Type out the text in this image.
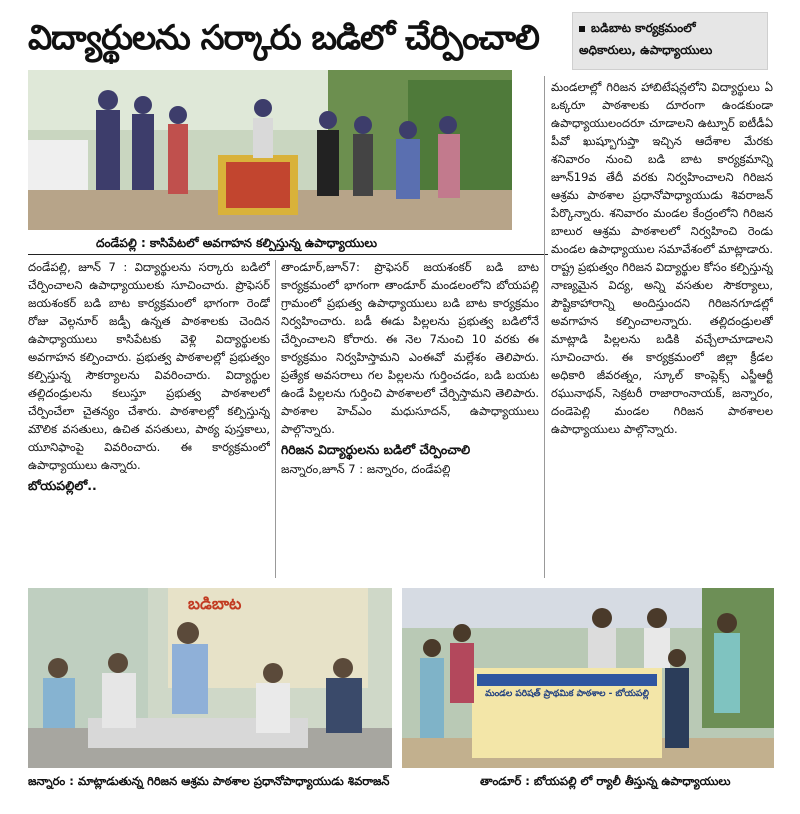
విద్యార్థులను సర్కారు బడిలో చేర్పించాలి	బడిబాట కార్యక్రమంలో
అధికారులు, ఉపాధ్యాయులు
దండేపల్లి : కాసిపేటలో అవగాహన కల్పిస్తున్న ఉపాధ్యాయులు

దండేపల్లి, జూన్ 7 : విద్యార్థులను సర్కారు బడిలో చేర్పించాలని ఉపాధ్యాయులకు సూచించారు. ప్రొఫెసర్ జయశంకర్ బడి బాట కార్యక్రమంలో భాగంగా రెండో రోజు వెల్గనూర్ జడ్పీ ఉన్నత పాఠశాలకు చెందిన ఉపాధ్యాయులు కాసిపేటకు వెళ్లి విద్యార్థులకు అవగాహన కల్పించారు. ప్రభుత్వ పాఠశాలల్లో ప్రభుత్వం కల్పిస్తున్న సౌకర్యాలను వివరించారు. విద్యార్థుల తల్లిదండ్రులను కలుస్తూ ప్రభుత్వ పాఠశాలలో చేర్పించేలా చైతన్యం చేశారు. పాఠశాలల్లో కల్పిస్తున్న మౌలిక వసతులు, ఉచిత వసతులు, పాఠ్య పుస్తకాలు, యూనిఫాంపై వివరించారు. ఈ కార్యక్రమంలో ఉపాధ్యాయులు ఉన్నారు.

బోయపల్లిలో..

తాండూర్,జూన్7: ప్రొఫెసర్ జయశంకర్ బడి బాట కార్యక్రమంలో భాగంగా తాండూర్ మండలంలోని బోయపల్లి గ్రామంలో ప్రభుత్వ ఉపాధ్యాయులు బడి బాట కార్యక్రమం నిర్వహించారు. బడీ ఈడు పిల్లలను ప్రభుత్వ బడిలోనే చేర్పించాలని కోరారు. ఈ నెల 7నుంచి 10 వరకు ఈ కార్యక్రమం నిర్వహిస్తామని ఎంఈవో మల్లేశం తెలిపారు. ప్రత్యేక అవసరాలు గల పిల్లలను గుర్తించడం, బడి బయట ఉండే పిల్లలను గుర్తించి పాఠశాలలో చేర్పిస్తామని తెలిపారు. పాఠశాల హెచ్ఎం మధుసూదన్, ఉపాధ్యాయులు పాల్గొన్నారు.

గిరిజన విద్యార్థులను బడిలో చేర్పించాలి

జన్నారం,జూన్ 7 : జన్నారం, దండేపల్లి

మండలాల్లో గిరిజన హాబిటేషన్లలోని విద్యార్థులు ఏ ఒక్కరూ పాఠశాలకు దూరంగా ఉండకుండా ఉపాధ్యాయులందరూ చూడాలని ఉట్నూర్ ఐటీడీఏ పీవో ఖుష్బూగుప్తా ఇచ్చిన ఆదేశాల మేరకు శనివారం నుంచి బడి బాట కార్యక్రమాన్ని జూన్19వ తేదీ వరకు నిర్వహించాలని గిరిజన ఆశ్రమ పాఠశాల ప్రధానోపాధ్యాయుడు శివరాజన్ పేర్కొన్నారు. శనివారం మండల కేంద్రంలోని గిరిజన బాలుర ఆశ్రమ పాఠశాలలో నిర్వహించి రెండు మండల ఉపాధ్యాయుల సమావేశంలో మాట్లాడారు. రాష్ట్ర ప్రభుత్వం గిరిజన విద్యార్థుల కోసం కల్పిస్తున్న నాణ్యమైన విద్య, అన్ని వసతుల సౌకర్యాలు, పౌష్టికాహారాన్ని అందిస్తుందని గిరిజనగూడల్లో అవగాహన కల్పించాలన్నారు. తల్లిదండ్రులతో మాట్లాడి పిల్లలను బడికి వచ్చేలాచూడాలని సూచించారు. ఈ కార్యక్రమంలో జిల్లా క్రీడల అధికారి జీవరత్నం, స్కూల్ కాంప్లెక్స్ ఎస్జీఆర్టీ రఘునాథన్, సెక్రటరీ రాజారాంనాయక్, జన్నారం, దండెపెల్లి మండల గిరిజన పాఠశాలల ఉపాధ్యాయులు పాల్గొన్నారు.

బడిబాట
మండల పరిషత్ ప్రాథమిక పాఠశాల - బోయపల్లి
జన్నారం : మాట్లాడుతున్న గిరిజన ఆశ్రమ పాఠశాల ప్రధానోపాధ్యాయుడు శివరాజన్	తాండూర్ : బోయపల్లి లో ర్యాలీ తీస్తున్న ఉపాధ్యాయులు
